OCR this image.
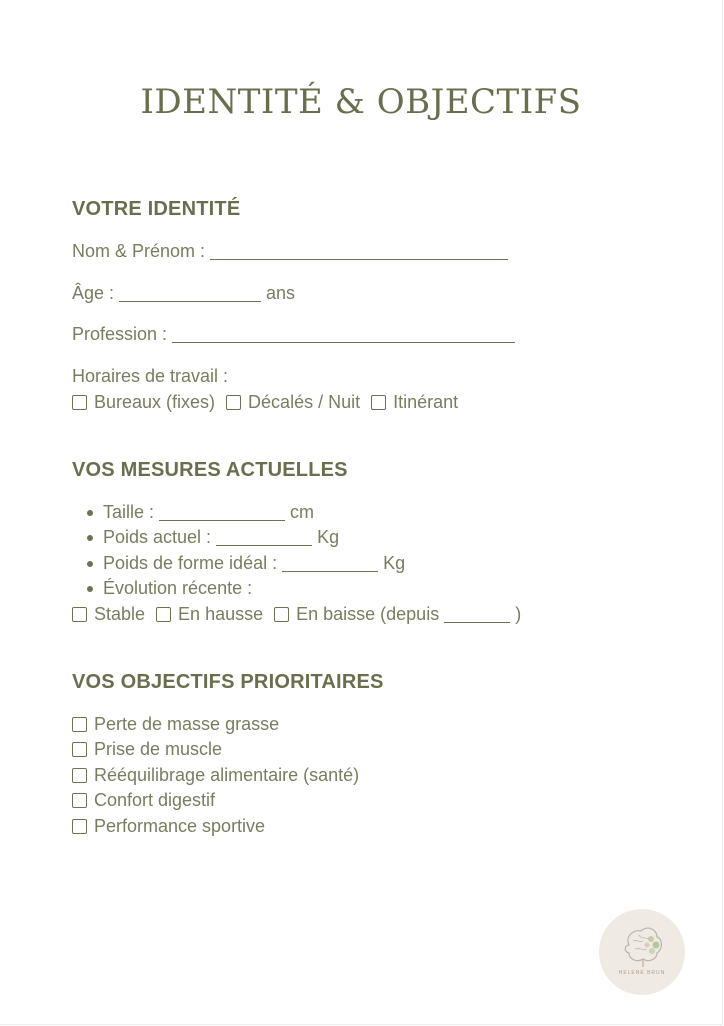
IDENTITÉ & OBJECTIFS
VOTRE IDENTITÉ
Nom & Prénom :
Âge :	ans
Profession :
Horaires de travail :
Bureaux (fixes) Décalés / Nuit Itinérant
VOS MESURES ACTUELLES
Taille :	cm
Poids actuel :	Kg
Poids de forme idéal :	Kg
Évolution récente :
Stable En hausse En baisse (depuis	)
VOS OBJECTIFS PRIORITAIRES
Perte de masse grasse
Prise de muscle
Rééquilibrage alimentaire (santé)
Confort digestif
Performance sportive
HELENE BRUN
